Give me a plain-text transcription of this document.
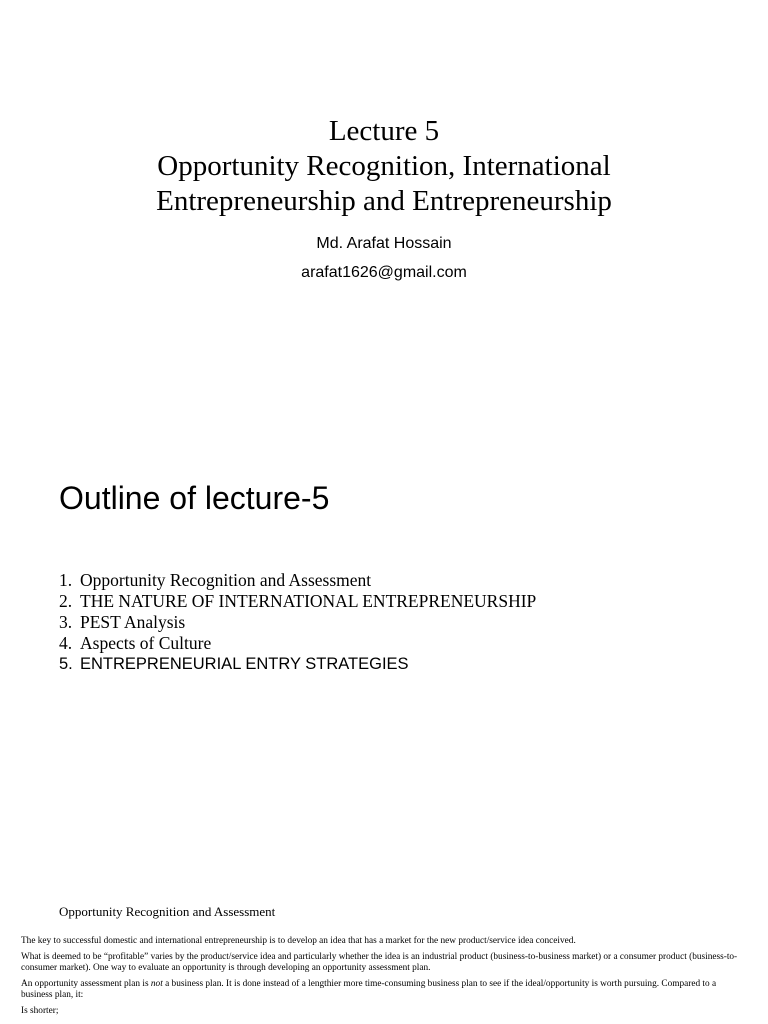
Lecture 5
Opportunity Recognition, International
Entrepreneurship and Entrepreneurship
Md. Arafat Hossain
arafat1626@gmail.com
Outline of lecture-5
1. Opportunity Recognition and Assessment
2. THE NATURE OF INTERNATIONAL ENTREPRENEURSHIP
3. PEST Analysis
4. Aspects of Culture
5. ENTREPRENEURIAL ENTRY STRATEGIES
Opportunity Recognition and Assessment

The key to successful domestic and international entrepreneurship is to develop an idea that has a market for the new product/service idea conceived.

What is deemed to be “profitable” varies by the product/service idea and particularly whether the idea is an industrial product (business-to-business market) or a consumer product (business-to-consumer market). One way to evaluate an opportunity is through developing an opportunity assessment plan.

An opportunity assessment plan is not a business plan. It is done instead of a lengthier more time-consuming business plan to see if the ideal/opportunity is worth pursuing. Compared to a business plan, it:

Is shorter;
